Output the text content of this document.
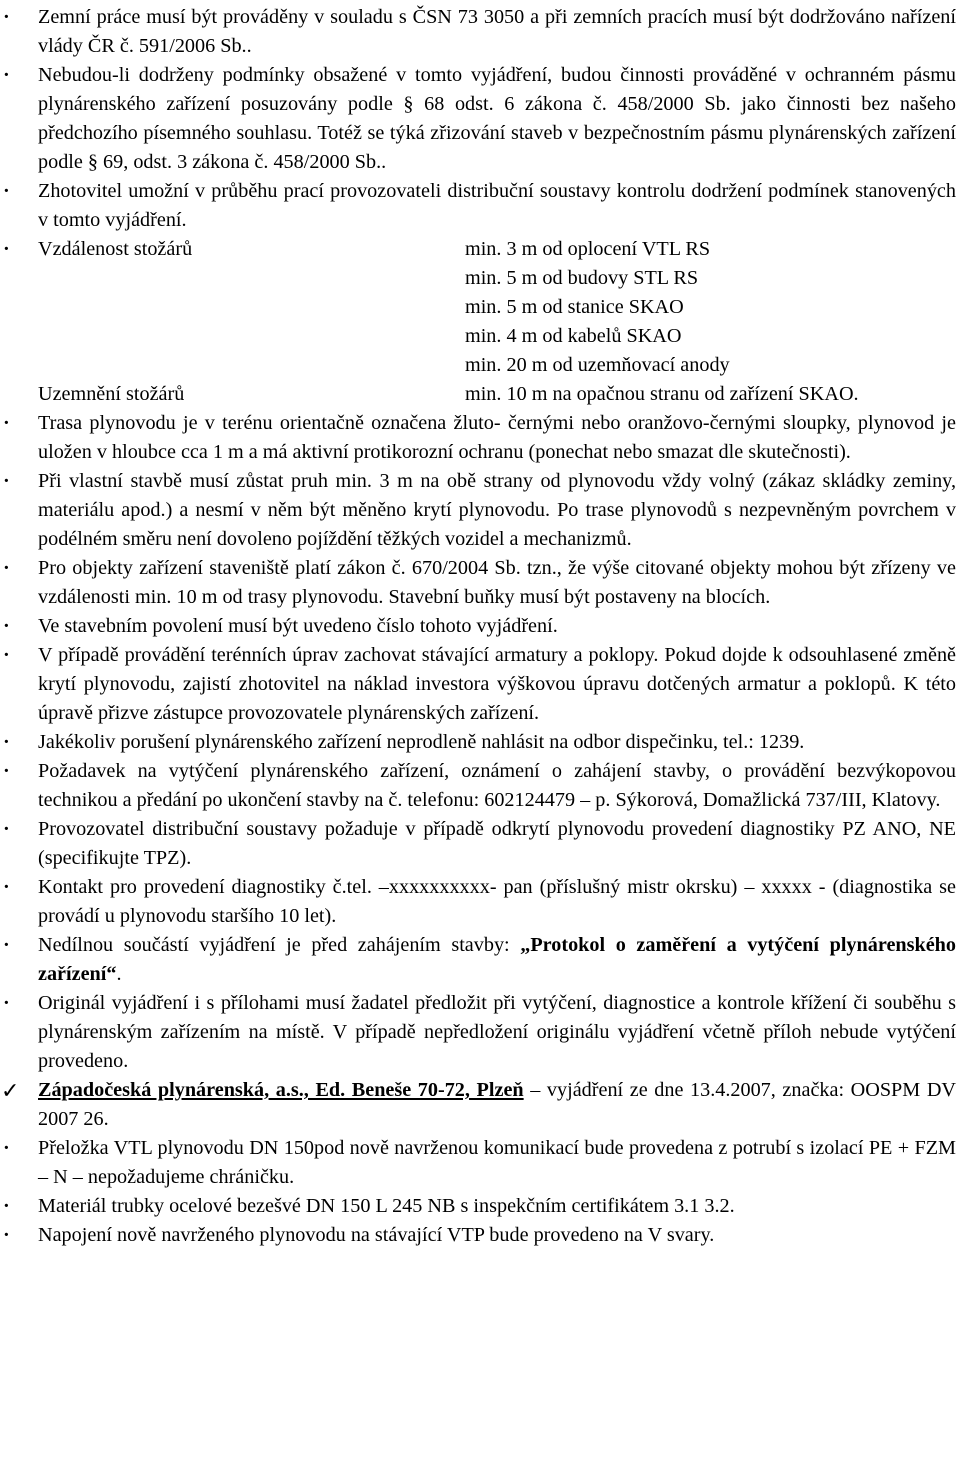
·	Zemní práce musí být prováděny v souladu s ČSN 73 3050 a při zemních pracích musí být dodržováno nařízení vlády ČR č. 591/2006 Sb..
·	Nebudou-li dodrženy podmínky obsažené v tomto vyjádření, budou činnosti prováděné v ochranném pásmu plynárenského zařízení posuzovány podle § 68 odst. 6 zákona č. 458/2000 Sb. jako činnosti bez našeho předchozího písemného souhlasu. Totéž se týká zřizování staveb v bezpečnostním pásmu plynárenských zařízení podle § 69, odst. 3 zákona č. 458/2000 Sb..
·	Zhotovitel umožní v průběhu prací provozovateli distribuční soustavy kontrolu dodržení podmínek stanovených v tomto vyjádření.
·	Vzdálenost stožárů	min. 3 m od oplocení VTL RS
min. 5 m od budovy STL RS
min. 5 m od stanice SKAO
min. 4 m od kabelů SKAO
min. 20 m od uzemňovací anody
Uzemnění stožárů	min. 10 m na opačnou stranu od zařízení SKAO.
·	Trasa plynovodu je v terénu orientačně označena žluto- černými nebo oranžovo-černými sloupky, plynovod je uložen v hloubce cca 1 m a má aktivní protikorozní ochranu (ponechat nebo smazat dle skutečnosti).
·	Při vlastní stavbě musí zůstat pruh min. 3 m na obě strany od plynovodu vždy volný (zákaz skládky zeminy, materiálu apod.) a nesmí v něm být měněno krytí plynovodu. Po trase plynovodů s nezpevněným povrchem v podélném směru není dovoleno pojíždění těžkých vozidel a mechanizmů.
·	Pro objekty zařízení staveniště platí zákon č. 670/2004 Sb. tzn., že výše citované objekty mohou být zřízeny ve vzdálenosti min. 10 m od trasy plynovodu. Stavební buňky musí být postaveny na blocích.
·	Ve stavebním povolení musí být uvedeno číslo tohoto vyjádření.
·	V případě provádění terénních úprav zachovat stávající armatury a poklopy. Pokud dojde k odsouhlasené změně krytí plynovodu, zajistí zhotovitel na náklad investora výškovou úpravu dotčených armatur a poklopů. K této úpravě přizve zástupce provozovatele plynárenských zařízení.
·	Jakékoliv porušení plynárenského zařízení neprodleně nahlásit na odbor dispečinku, tel.: 1239.
·	Požadavek na vytýčení plynárenského zařízení, oznámení o zahájení stavby, o provádění bezvýkopovou technikou a předání po ukončení stavby na č. telefonu: 602124479 – p. Sýkorová, Domažlická 737/III, Klatovy.
·	Provozovatel distribuční soustavy požaduje v případě odkrytí plynovodu provedení diagnostiky PZ ANO, NE (specifikujte TPZ).
·	Kontakt pro provedení diagnostiky č.tel. –xxxxxxxxxx- pan (příslušný mistr okrsku) – xxxxx - (diagnostika se provádí u plynovodu staršího 10 let).
·	Nedílnou součástí vyjádření je před zahájením stavby: „Protokol o zaměření a vytýčení plynárenského zařízení“.
·	Originál vyjádření i s přílohami musí žadatel předložit při vytýčení, diagnostice a kontrole křížení či souběhu s plynárenským zařízením na místě. V případě nepředložení originálu vyjádření včetně příloh nebude vytýčení provedeno.
✓ Západočeská plynárenská, a.s., Ed. Beneše 70-72, Plzeň – vyjádření ze dne 13.4.2007, značka: OOSPM DV 2007 26.
·	Přeložka VTL plynovodu DN 150pod nově navrženou komunikací bude provedena z potrubí s izolací PE + FZM – N – nepožadujeme chráničku.
·	Materiál trubky ocelové bezešvé DN 150 L 245 NB s inspekčním certifikátem 3.1 3.2.
·	Napojení nově navrženého plynovodu na stávající VTP bude provedeno na V svary.
